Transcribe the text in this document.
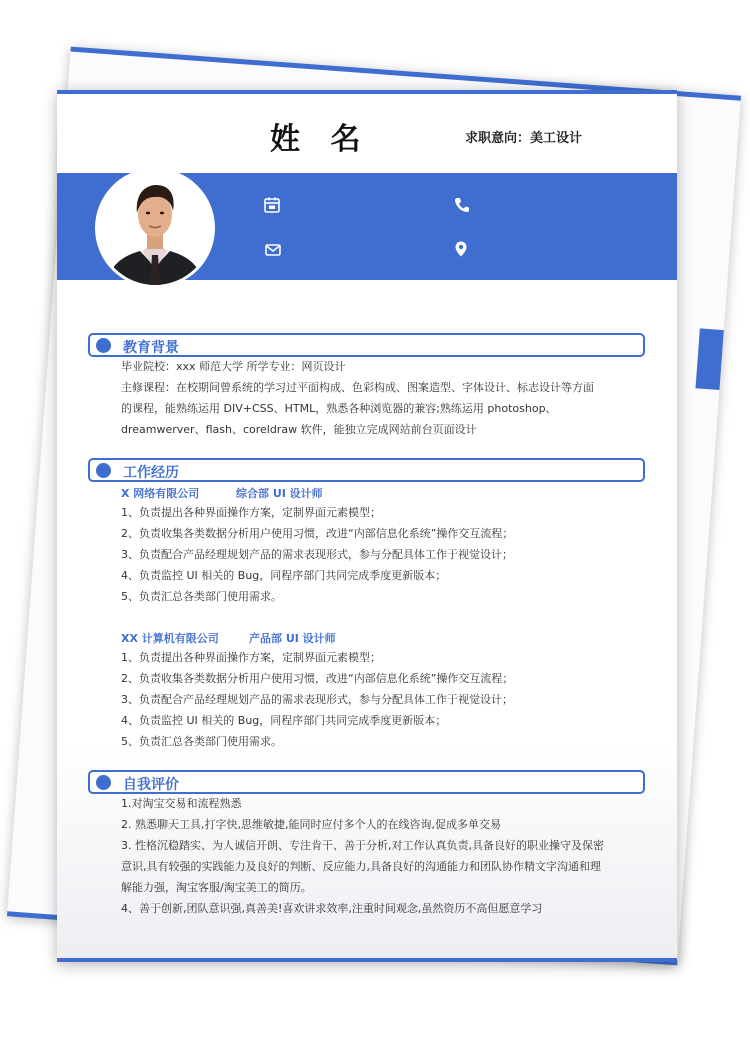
姓 名	求职意向：美工设计
教育背景
毕业院校：xxx 师范大学 所学专业：网页设计
主修课程：在校期间曾系统的学习过平面构成、色彩构成、图案造型、字体设计、标志设计等方面
的课程，能熟练运用 DIV+CSS、HTML，熟悉各种浏览器的兼容;熟练运用 photoshop、
dreamwerver、flash、coreldraw 软件，能独立完成网站前台页面设计
工作经历
X 网络有限公司	综合部 UI 设计师
1、负责提出各种界面操作方案，定制界面元素模型；
2、负责收集各类数据分析用户使用习惯，改进“内部信息化系统”操作交互流程；
3、负责配合产品经理规划产品的需求表现形式，参与分配具体工作于视觉设计；
4、负责监控 UI 相关的 Bug，同程序部门共同完成季度更新版本；
5、负责汇总各类部门使用需求。
XX 计算机有限公司	产品部 UI 设计师
1、负责提出各种界面操作方案，定制界面元素模型；
2、负责收集各类数据分析用户使用习惯，改进“内部信息化系统”操作交互流程；
3、负责配合产品经理规划产品的需求表现形式，参与分配具体工作于视觉设计；
4、负责监控 UI 相关的 Bug，同程序部门共同完成季度更新版本；
5、负责汇总各类部门使用需求。
自我评价
1.对淘宝交易和流程熟悉
2. 熟悉聊天工具,打字快,思维敏捷,能同时应付多个人的在线咨询,促成多单交易
3. 性格沉稳踏实、为人诚信开朗、专注肯干、善于分析,对工作认真负责,具备良好的职业操守及保密
意识,具有较强的实践能力及良好的判断、反应能力,具备良好的沟通能力和团队协作精文字沟通和理
解能力强，淘宝客服/淘宝美工的简历。
4、善于创新,团队意识强,真善美!喜欢讲求效率,注重时间观念,虽然资历不高但愿意学习
